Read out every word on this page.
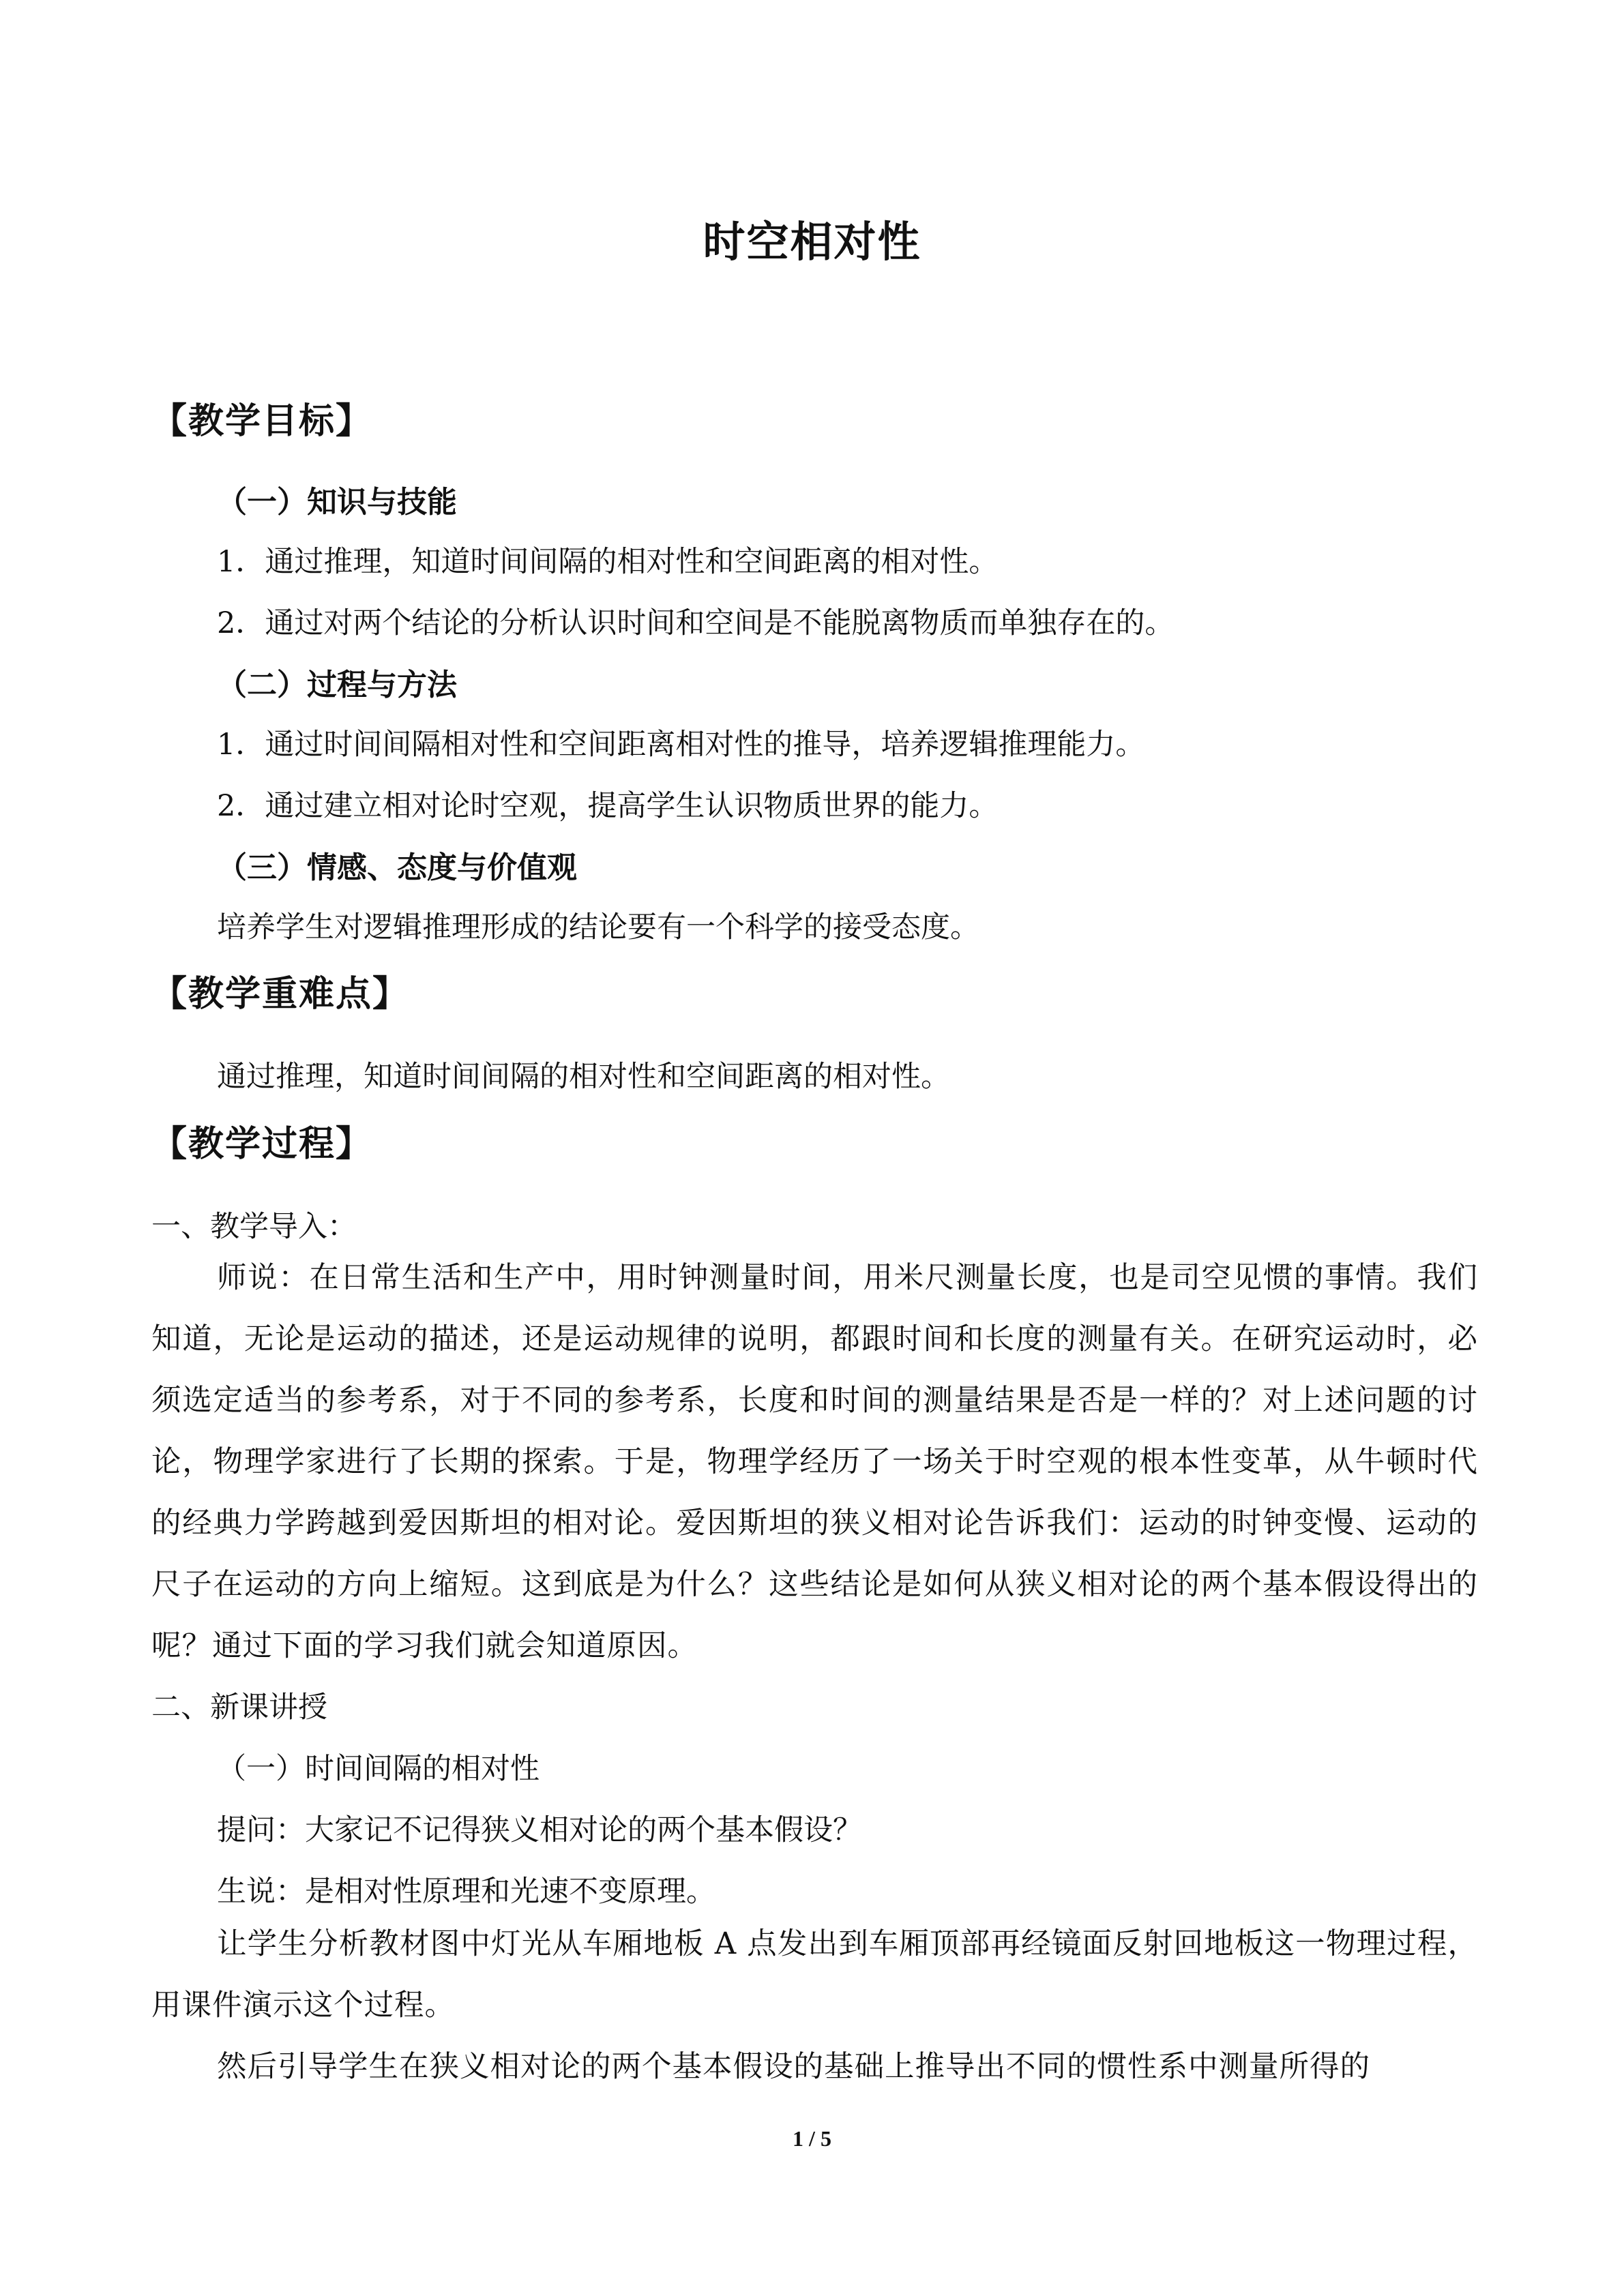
时空相对性
【教学目标】
（一）知识与技能
1．通过推理，知道时间间隔的相对性和空间距离的相对性。
2．通过对两个结论的分析认识时间和空间是不能脱离物质而单独存在的。
（二）过程与方法
1．通过时间间隔相对性和空间距离相对性的推导，培养逻辑推理能力。
2．通过建立相对论时空观，提高学生认识物质世界的能力。
（三）情感、态度与价值观
培养学生对逻辑推理形成的结论要有一个科学的接受态度。
【教学重难点】
通过推理，知道时间间隔的相对性和空间距离的相对性。
【教学过程】
一、教学导入：

师说：在日常生活和生产中，用时钟测量时间，用米尺测量长度，也是司空见惯的事情。我们知道，无论是运动的描述，还是运动规律的说明，都跟时间和长度的测量有关。在研究运动时，必须选定适当的参考系，对于不同的参考系，长度和时间的测量结果是否是一样的？对上述问题的讨论，物理学家进行了长期的探索。于是，物理学经历了一场关于时空观的根本性变革，从牛顿时代的经典力学跨越到爱因斯坦的相对论。爱因斯坦的狭义相对论告诉我们：运动的时钟变慢、运动的尺子在运动的方向上缩短。这到底是为什么？这些结论是如何从狭义相对论的两个基本假设得出的呢？通过下面的学习我们就会知道原因。

二、新课讲授
（一）时间间隔的相对性
提问：大家记不记得狭义相对论的两个基本假设？
生说：是相对性原理和光速不变原理。

让学生分析教材图中灯光从车厢地板 A 点发出到车厢顶部再经镜面反射回地板这一物理过程，用课件演示这个过程。

然后引导学生在狭义相对论的两个基本假设的基础上推导出不同的惯性系中测量所得的

1 / 5
